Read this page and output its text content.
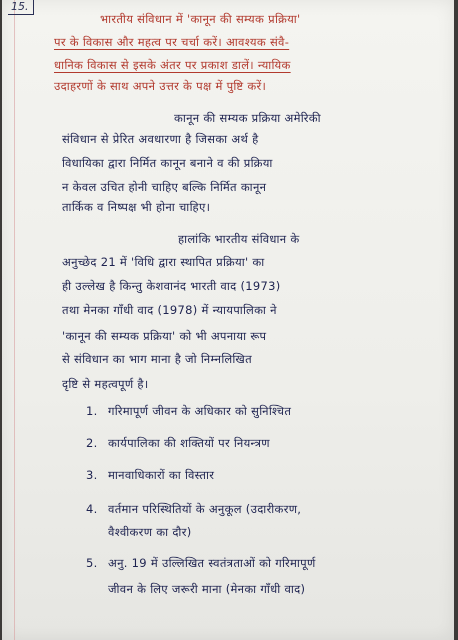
15.
भारतीय संविधान में 'कानून की सम्यक प्रक्रिया'
पर के विकास और महत्व पर चर्चा करें। आवश्यक संवै-
धानिक विकास से इसके अंतर पर प्रकाश डालें। न्यायिक
उदाहरणों के साथ अपने उत्तर के पक्ष में पुष्टि करें।
कानून की सम्यक प्रक्रिया अमेरिकी
संविधान से प्रेरित अवधारणा है जिसका अर्थ है
विधायिका द्वारा निर्मित कानून बनाने व की प्रक्रिया
न केवल उचित होनी चाहिए बल्कि निर्मित कानून
तार्किक व निष्पक्ष भी होना चाहिए।
हालांकि भारतीय संविधान के
अनुच्छेद 21 में 'विधि द्वारा स्थापित प्रक्रिया' का
ही उल्लेख है किन्तु केशवानंद भारती वाद (1973)
तथा मेनका गाँधी वाद (1978) में न्यायपालिका ने
'कानून की सम्यक प्रक्रिया' को भी अपनाया रूप
से संविधान का भाग माना है जो निम्नलिखित
दृष्टि से महत्वपूर्ण है।
1. गरिमापूर्ण जीवन के अधिकार को सुनिश्चित
2. कार्यपालिका की शक्तियों पर नियन्त्रण
3. मानवाधिकारों का विस्तार
4. वर्तमान परिस्थितियों के अनुकूल (उदारीकरण,
वैश्वीकरण का दौर)
5. अनु. 19 में उल्लिखित स्वतंत्रताओं को गरिमापूर्ण
जीवन के लिए जरूरी माना (मेनका गाँधी वाद)
